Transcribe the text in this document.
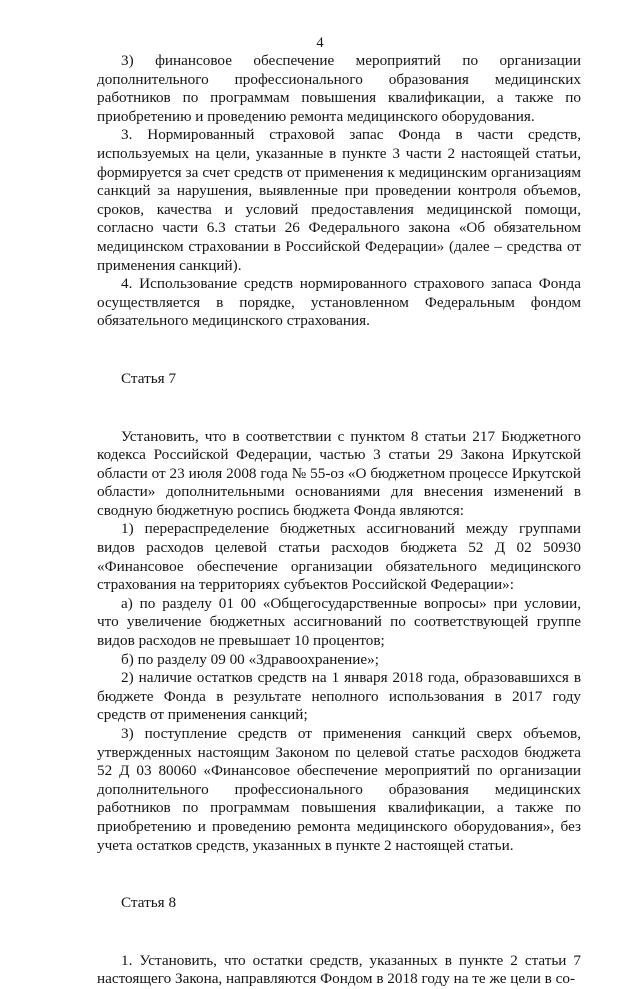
4

3) финансовое обеспечение мероприятий по организации дополнительного профессионального образования медицинских работников по программам повышения квалификации, а также по приобретению и проведению ремонта медицинского оборудования.

3. Нормированный страховой запас Фонда в части средств, используемых на цели, указанные в пункте 3 части 2 настоящей статьи, формируется за счет средств от применения к медицинским организациям санкций за нарушения, выявленные при проведении контроля объемов, сроков, качества и условий предоставления медицинской помощи, согласно части 6.3 статьи 26 Федерального закона «Об обязательном медицинском страховании в Российской Федерации» (далее – средства от применения санкций).

4. Использование средств нормированного страхового запаса Фонда осуществляется в порядке, установленном Федеральным фондом обязательного медицинского страхования.

Статья 7

Установить, что в соответствии с пунктом 8 статьи 217 Бюджетного кодекса Российской Федерации, частью 3 статьи 29 Закона Иркутской области от 23 июля 2008 года № 55-оз «О бюджетном процессе Иркутской области» дополнительными основаниями для внесения изменений в сводную бюджетную роспись бюджета Фонда являются:

1) перераспределение бюджетных ассигнований между группами видов расходов целевой статьи расходов бюджета 52 Д 02 50930 «Финансовое обеспечение организации обязательного медицинского страхования на территориях субъектов Российской Федерации»:

а) по разделу 01 00 «Общегосударственные вопросы» при условии, что увеличение бюджетных ассигнований по соответствующей группе видов расходов не превышает 10 процентов;

б) по разделу 09 00 «Здравоохранение»;

2) наличие остатков средств на 1 января 2018 года, образовавшихся в бюджете Фонда в результате неполного использования в 2017 году средств от применения санкций;

3) поступление средств от применения санкций сверх объемов, утвержденных настоящим Законом по целевой статье расходов бюджета 52 Д 03 80060 «Финансовое обеспечение мероприятий по организации дополнительного профессионального образования медицинских работников по программам повышения квалификации, а также по приобретению и проведению ремонта медицинского оборудования», без учета остатков средств, указанных в пункте 2 настоящей статьи.

Статья 8

1. Установить, что остатки средств, указанных в пункте 2 статьи 7 настоящего Закона, направляются Фондом в 2018 году на те же цели в со-
